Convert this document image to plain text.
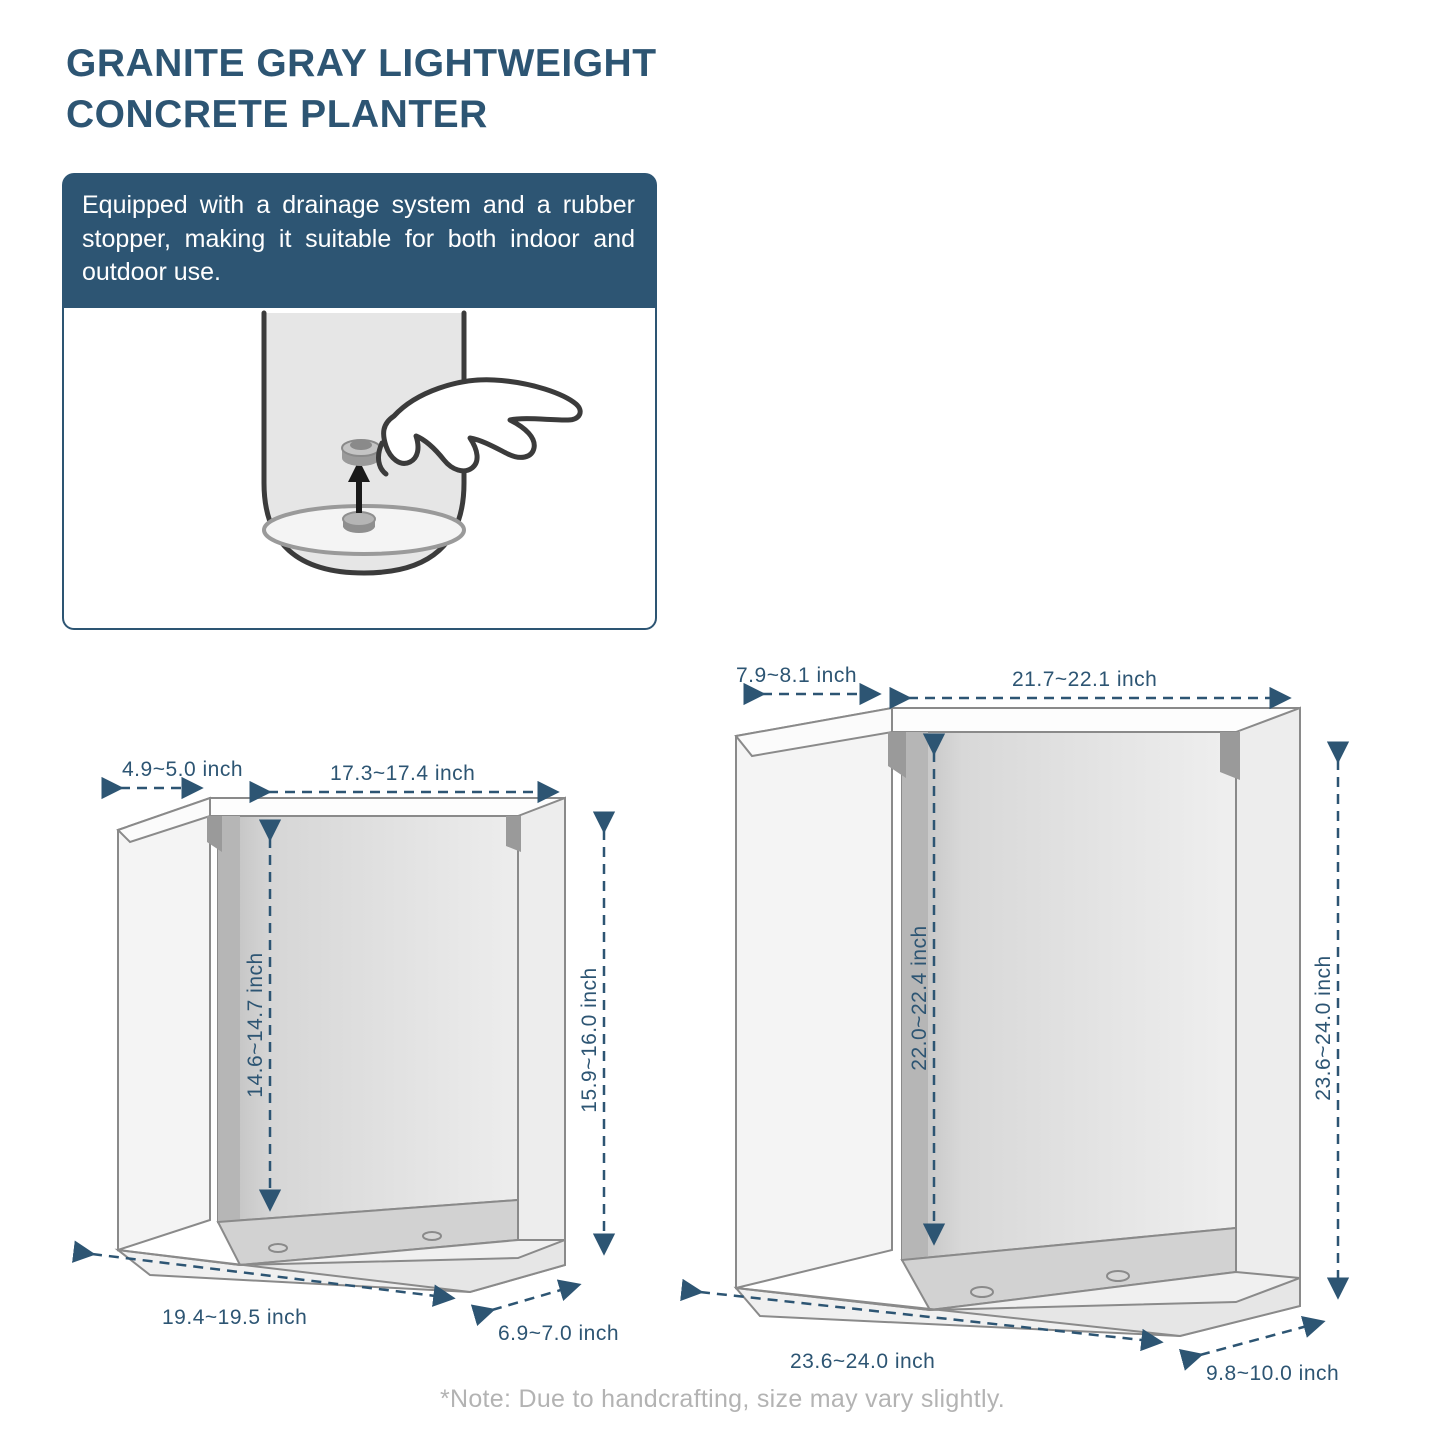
GRANITE GRAY LIGHTWEIGHT CONCRETE PLANTER
Equipped with a drainage system and a rubber stopper, making it suitable for both indoor and outdoor use.
4.9~5.0 inch	17.3~17.4 inch
14.6~14.7 inch	15.9~16.0 inch
19.4~19.5 inch
6.9~7.0 inch
7.9~8.1 inch	21.7~22.1 inch
22.0~22.4 inch	23.6~24.0 inch
23.6~24.0 inch
9.8~10.0 inch
*Note: Due to handcrafting, size may vary slightly.
